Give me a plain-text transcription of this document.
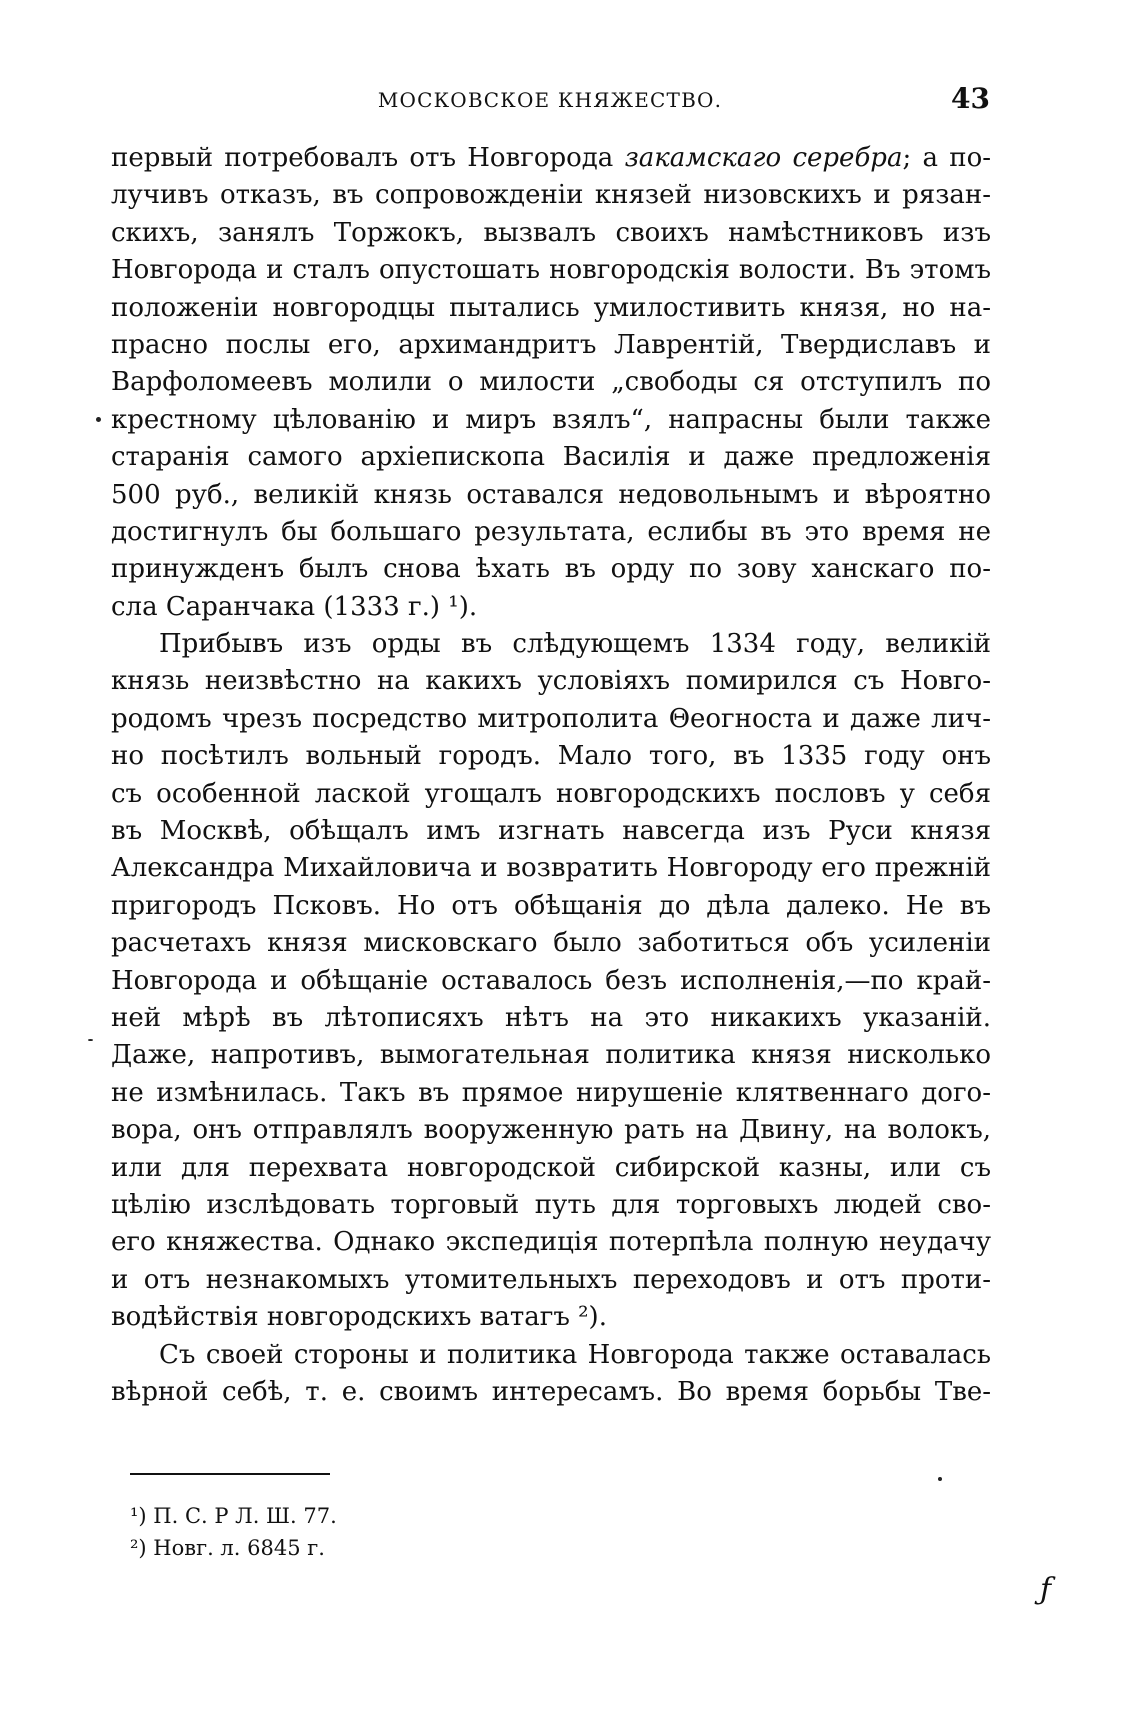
МОСКОВСКОЕ КНЯЖЕСТВО.	43
первый потребовалъ отъ Новгорода закамскаго серебра; а по-
лучивъ отказъ, въ сопровожденіи князей низовскихъ и рязан-
скихъ, занялъ Торжокъ, вызвалъ своихъ намѣстниковъ изъ
Новгорода и сталъ опустошать новгородскія волости. Въ этомъ
положеніи новгородцы пытались умилостивить князя, но на-
прасно послы его, архимандритъ Лаврентій, Твердиславъ и
Варфоломеевъ молили о милости „свободы ся отступилъ по
крестному цѣлованію и миръ взялъ“, напрасны были также
старанія самого архіепископа Василія и даже предложенія
500 руб., великій князь оставался недовольнымъ и вѣроятно
достигнулъ бы большаго результата, еслибы въ это время не
принужденъ былъ снова ѣхать въ орду по зову ханскаго по-
сла Саранчака (1333 г.) ¹).
Прибывъ изъ орды въ слѣдующемъ 1334 году, великій
князь неизвѣстно на какихъ условіяхъ помирился съ Новго-
родомъ чрезъ посредство митрополита Θеогноста и даже лич-
но посѣтилъ вольный городъ. Мало того, въ 1335 году онъ
съ особенной лаской угощалъ новгородскихъ пословъ у себя
въ Москвѣ, обѣщалъ имъ изгнать навсегда изъ Руси князя
Александра Михайловича и возвратить Новгороду его прежній
пригородъ Псковъ. Но отъ обѣщанія до дѣла далеко. Не въ
расчетахъ князя мисковскаго было заботиться объ усиленіи
Новгорода и обѣщаніе оставалось безъ исполненія,—по край-
ней мѣрѣ въ лѣтописяхъ нѣтъ на это никакихъ указаній.
Даже, напротивъ, вымогательная политика князя нисколько
не измѣнилась. Такъ въ прямое нирушеніе клятвеннаго дого-
вора, онъ отправлялъ вооруженную рать на Двину, на волокъ,
или для перехвата новгородской сибирской казны, или съ
цѣлію изслѣдовать торговый путь для торговыхъ людей сво-
его княжества. Однако экспедиція потерпѣла полную неудачу
и отъ незнакомыхъ утомительныхъ переходовъ и отъ проти-
водѣйствія новгородскихъ ватагъ ²).
Съ своей стороны и политика Новгорода также оставалась
вѣрной себѣ, т. е. своимъ интересамъ. Во время борьбы Тве-
¹) П. С. Р Л. Ш. 77.
²) Новг. л. 6845 г.
ƒ
